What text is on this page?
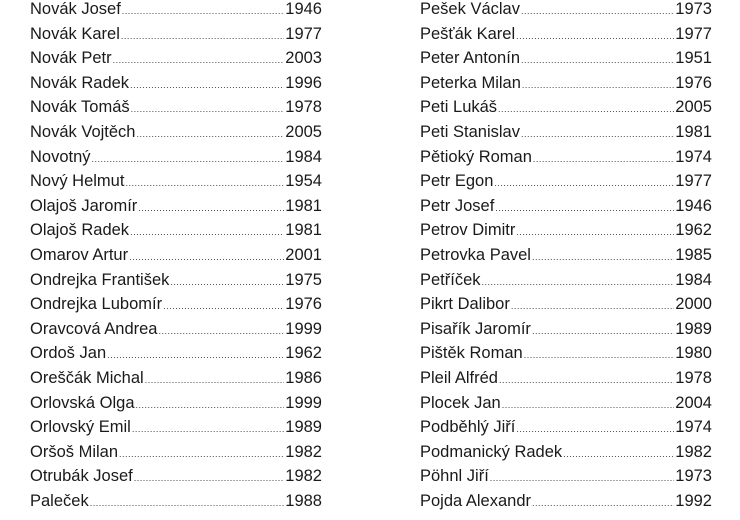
Novák Josef .....	1946
Novák Karel .....	1977
Novák Petr .....	2003
Novák Radek .....	1996
Novák Tomáš .....	1978
Novák Vojtěch .....	2005
Novotný .....	1984
Nový Helmut .....	1954
Olajoš Jaromír .....	1981
Olajoš Radek .....	1981
Omarov Artur .....	2001
Ondrejka František .....	1975
Ondrejka Lubomír .....	1976
Oravcová Andrea .....	1999
Ordoš Jan .....	1962
Oreščák Michal .....	1986
Orlovská Olga .....	1999
Orlovský Emil .....	1989
Oršoš Milan .....	1982
Otrubák Josef .....	1982
Paleček .....	1988
Pešek Václav .....	1973
Pešťák Karel .....	1977
Peter Antonín .....	1951
Peterka Milan .....	1976
Peti Lukáš .....	2005
Peti Stanislav .....	1981
Pětioký Roman .....	1974
Petr Egon .....	1977
Petr Josef .....	1946
Petrov Dimitr .....	1962
Petrovka Pavel .....	1985
Petříček .....	1984
Pikrt Dalibor .....	2000
Pisařík Jaromír .....	1989
Pištěk Roman .....	1980
Pleil Alfréd .....	1978
Plocek Jan .....	2004
Podběhlý Jiří .....	1974
Podmanický Radek .....	1982
Pöhnl Jiří .....	1973
Pojda Alexandr .....	1992
